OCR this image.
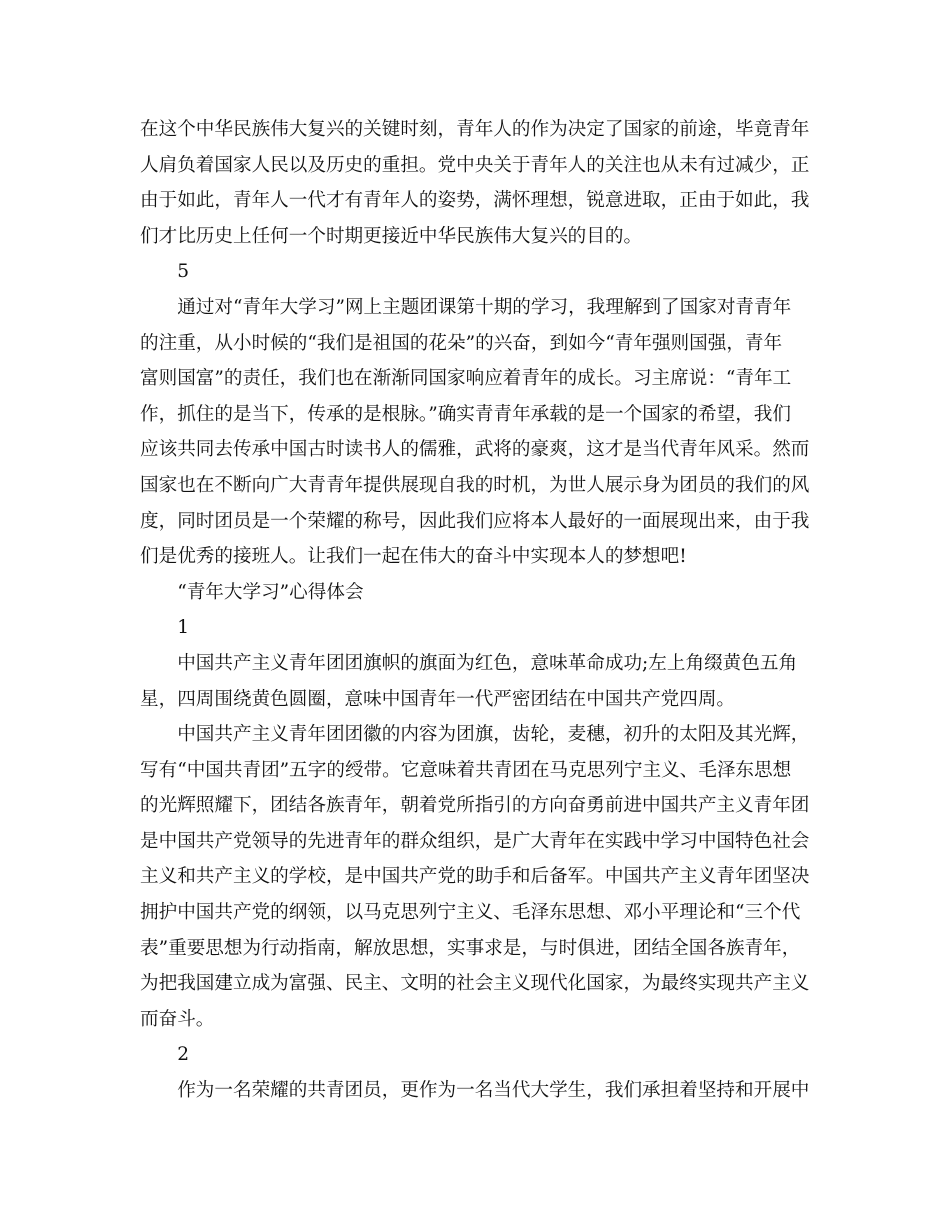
在这个中华民族伟大复兴的关键时刻，青年人的作为决定了国家的前途，毕竟青年
人肩负着国家人民以及历史的重担。党中央关于青年人的关注也从未有过减少，正
由于如此，青年人一代才有青年人的姿势，满怀理想，锐意进取，正由于如此，我
们才比历史上任何一个时期更接近中华民族伟大复兴的目的。
5
通过对“青年大学习”网上主题团课第十期的学习，我理解到了国家对青青年
的注重，从小时候的“我们是祖国的花朵”的兴奋，到如今“青年强则国强，青年
富则国富”的责任，我们也在渐渐同国家响应着青年的成长。习主席说：“青年工
作，抓住的是当下，传承的是根脉。”确实青青年承载的是一个国家的希望，我们
应该共同去传承中国古时读书人的儒雅，武将的豪爽，这才是当代青年风采。然而
国家也在不断向广大青青年提供展现自我的时机，为世人展示身为团员的我们的风
度，同时团员是一个荣耀的称号，因此我们应将本人最好的一面展现出来，由于我
们是优秀的接班人。让我们一起在伟大的奋斗中实现本人的梦想吧!
“青年大学习”心得体会
1
中国共产主义青年团团旗帜的旗面为红色，意味革命成功;左上角缀黄色五角
星，四周围绕黄色圆圈，意味中国青年一代严密团结在中国共产党四周。
中国共产主义青年团团徽的内容为团旗，齿轮，麦穗，初升的太阳及其光辉，
写有“中国共青团”五字的绶带。它意味着共青团在马克思列宁主义、毛泽东思想
的光辉照耀下，团结各族青年，朝着党所指引的方向奋勇前进中国共产主义青年团
是中国共产党领导的先进青年的群众组织，是广大青年在实践中学习中国特色社会
主义和共产主义的学校，是中国共产党的助手和后备军。中国共产主义青年团坚决
拥护中国共产党的纲领，以马克思列宁主义、毛泽东思想、邓小平理论和“三个代
表”重要思想为行动指南，解放思想，实事求是，与时俱进，团结全国各族青年，
为把我国建立成为富强、民主、文明的社会主义现代化国家，为最终实现共产主义
而奋斗。
2
作为一名荣耀的共青团员，更作为一名当代大学生，我们承担着坚持和开展中
